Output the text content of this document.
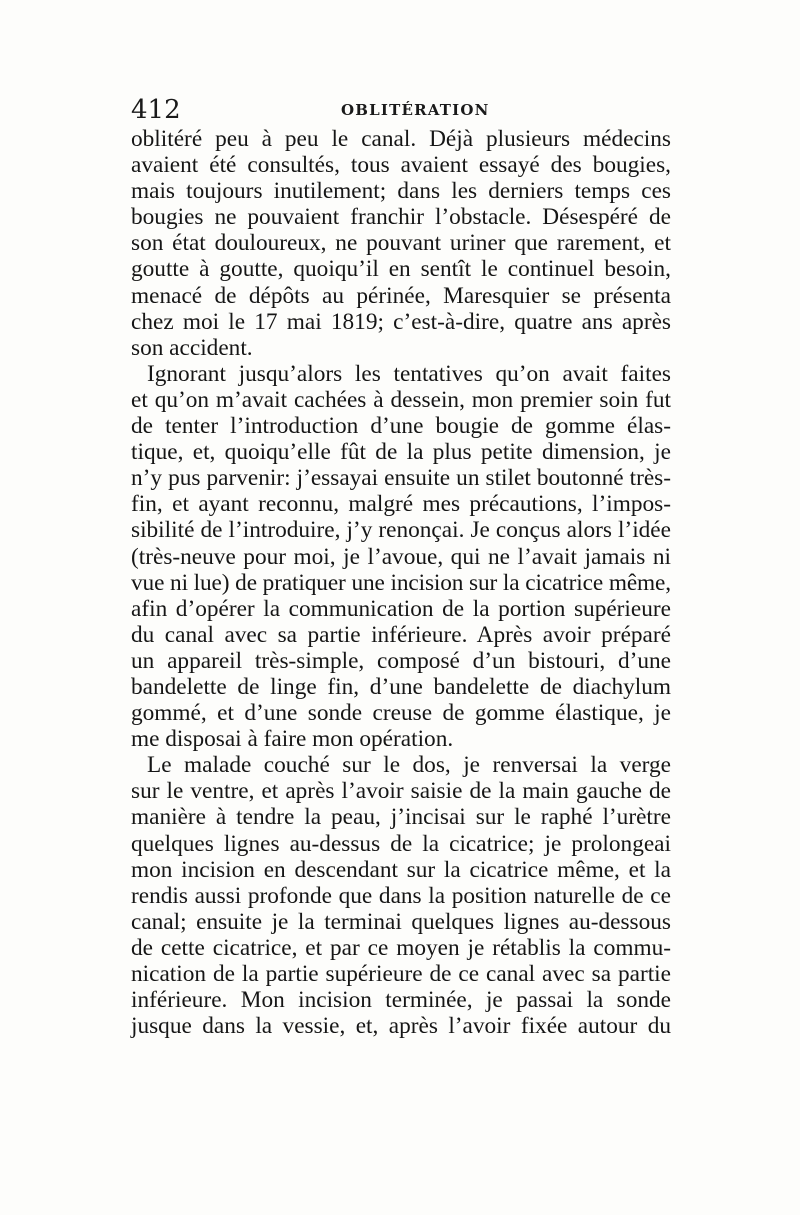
412	OBLITÉRATION
oblitéré peu à peu le canal. Déjà plusieurs médecins
avaient été consultés, tous avaient essayé des bougies,
mais toujours inutilement; dans les derniers temps ces
bougies ne pouvaient franchir l’obstacle. Désespéré de
son état douloureux, ne pouvant uriner que rarement, et
goutte à goutte, quoiqu’il en sentît le continuel besoin,
menacé de dépôts au périnée, Maresquier se présenta
chez moi le 17 mai 1819; c’est-à-dire, quatre ans après
son accident.
Ignorant jusqu’alors les tentatives qu’on avait faites
et qu’on m’avait cachées à dessein, mon premier soin fut
de tenter l’introduction d’une bougie de gomme élas-
tique, et, quoiqu’elle fût de la plus petite dimension, je
n’y pus parvenir: j’essayai ensuite un stilet boutonné très-
fin, et ayant reconnu, malgré mes précautions, l’impos-
sibilité de l’introduire, j’y renonçai. Je conçus alors l’idée
(très-neuve pour moi, je l’avoue, qui ne l’avait jamais ni
vue ni lue) de pratiquer une incision sur la cicatrice même,
afin d’opérer la communication de la portion supérieure
du canal avec sa partie inférieure. Après avoir préparé
un appareil très-simple, composé d’un bistouri, d’une
bandelette de linge fin, d’une bandelette de diachylum
gommé, et d’une sonde creuse de gomme élastique, je
me disposai à faire mon opération.
Le malade couché sur le dos, je renversai la verge
sur le ventre, et après l’avoir saisie de la main gauche de
manière à tendre la peau, j’incisai sur le raphé l’urètre
quelques lignes au-dessus de la cicatrice; je prolongeai
mon incision en descendant sur la cicatrice même, et la
rendis aussi profonde que dans la position naturelle de ce
canal; ensuite je la terminai quelques lignes au-dessous
de cette cicatrice, et par ce moyen je rétablis la commu-
nication de la partie supérieure de ce canal avec sa partie
inférieure. Mon incision terminée, je passai la sonde
jusque dans la vessie, et, après l’avoir fixée autour du
